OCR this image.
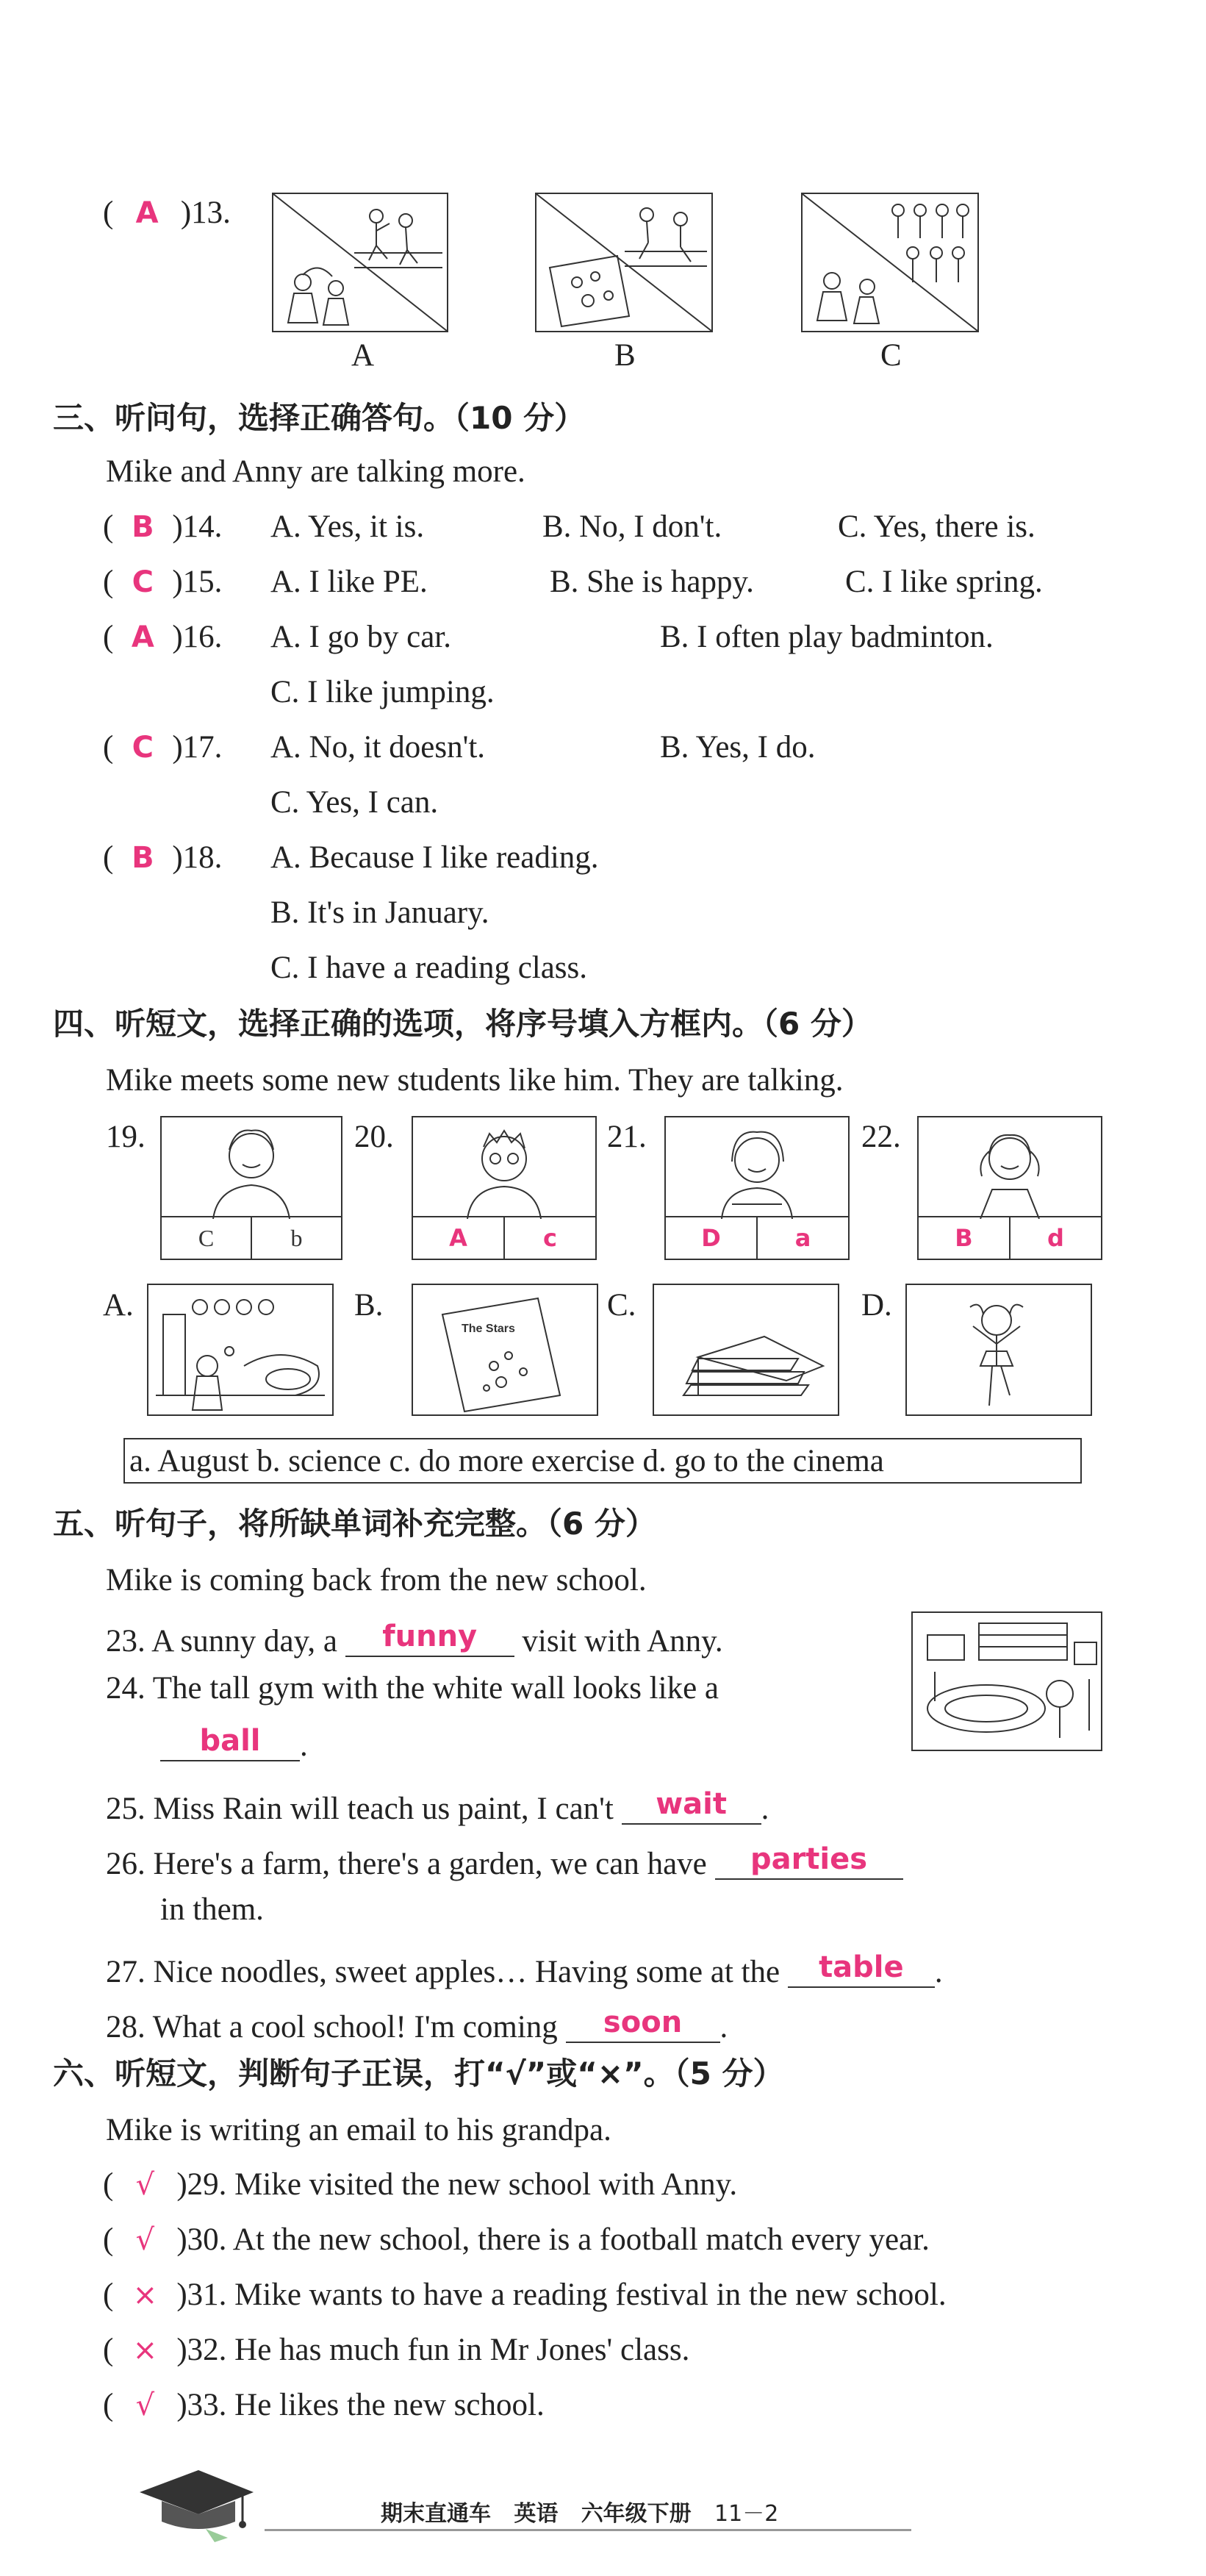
( A )13.
A	B	C
三、听问句，选择正确答句。（10 分）
Mike and Anny are talking more.
( B )14. A. Yes, it is.	B. No, I don't.	C. Yes, there is.
( C )15. A. I like PE.	B. She is happy.	C. I like spring.
( A )16. A. I go by car.	B. I often play badminton.
C. I like jumping.
( C )17. A. No, it doesn't.	B. Yes, I do.
C. Yes, I can.
( B )18. A. Because I like reading.
B. It's in January.
C. I have a reading class.
四、听短文，选择正确的选项，将序号填入方框内。（6 分）
Mike meets some new students like him. They are talking.
19.
C	b
20.
A	c
21.
D	a
22.
B	d
A.	B.
The Stars
C.	D.
a. August b. science c. do more exercise d. go to the cinema
五、听句子，将所缺单词补充完整。（6 分）
Mike is coming back from the new school.
23. A sunny day, a	funny	visit with Anny.
24. The tall gym with the white wall looks like a
ball	.
25. Miss Rain will teach us paint, I can't	wait	.
26. Here's a farm, there's a garden, we can have	parties
in them.
27. Nice noodles, sweet apples… Having some at the	table .
28. What a cool school! I'm coming	soon	.
六、听短文，判断句子正误，打“√”或“×”。（5 分）
Mike is writing an email to his grandpa.
( √ )29. Mike visited the new school with Anny.
( √ )30. At the new school, there is a football match every year.
( × )31. Mike wants to have a reading festival in the new school.
( × )32. He has much fun in Mr Jones' class.
( √ )33. He likes the new school.
期末直通车 英语 六年级下册 11－2
